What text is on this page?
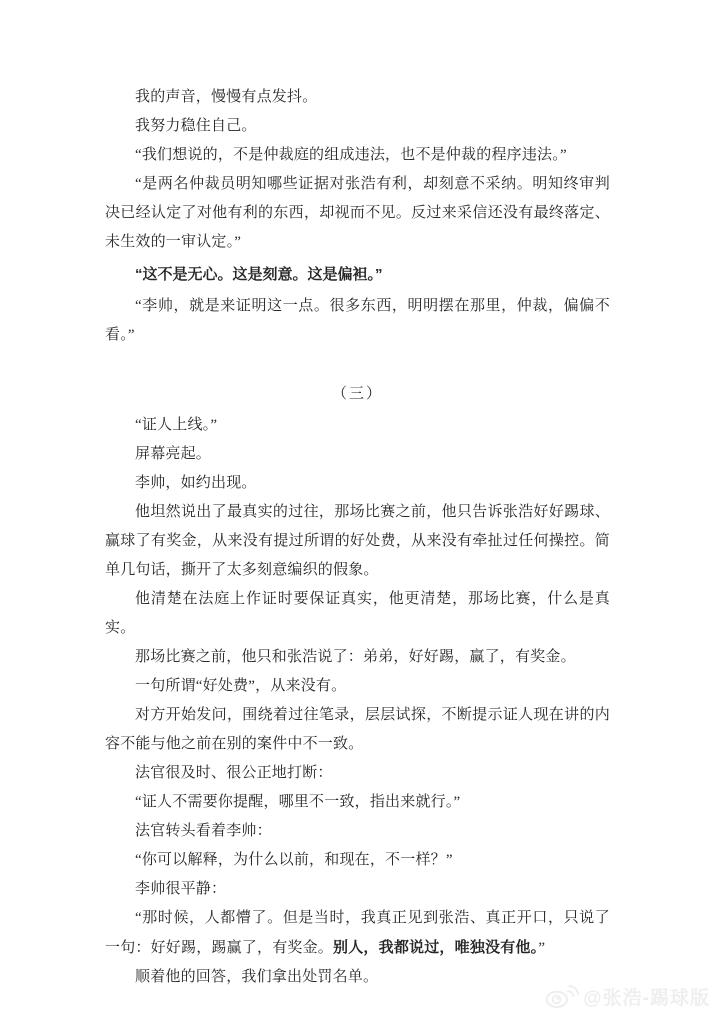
我的声音，慢慢有点发抖。

我努力稳住自己。

“我们想说的，不是仲裁庭的组成违法，也不是仲裁的程序违法。”

“是两名仲裁员明知哪些证据对张浩有利，却刻意不采纳。明知终审判决已经认定了对他有利的东西，却视而不见。反过来采信还没有最终落定、未生效的一审认定。”

“这不是无心。这是刻意。这是偏袒。”

“李帅，就是来证明这一点。很多东西，明明摆在那里，仲裁，偏偏不看。”

（三）

“证人上线。”

屏幕亮起。

李帅，如约出现。

他坦然说出了最真实的过往，那场比赛之前，他只告诉张浩好好踢球、赢球了有奖金，从来没有提过所谓的好处费，从来没有牵扯过任何操控。简单几句话，撕开了太多刻意编织的假象。

他清楚在法庭上作证时要保证真实，他更清楚，那场比赛，什么是真实。

那场比赛之前，他只和张浩说了：弟弟，好好踢，赢了，有奖金。

一句所谓“好处费”，从来没有。

对方开始发问，围绕着过往笔录，层层试探，不断提示证人现在讲的内容不能与他之前在别的案件中不一致。

法官很及时、很公正地打断：

“证人不需要你提醒，哪里不一致，指出来就行。”

法官转头看着李帅：

“你可以解释，为什么以前，和现在，不一样？”

李帅很平静：

“那时候，人都懵了。但是当时，我真正见到张浩、真正开口，只说了一句：好好踢，踢赢了，有奖金。别人，我都说过，唯独没有他。”

顺着他的回答，我们拿出处罚名单。

@张浩-踢球版
